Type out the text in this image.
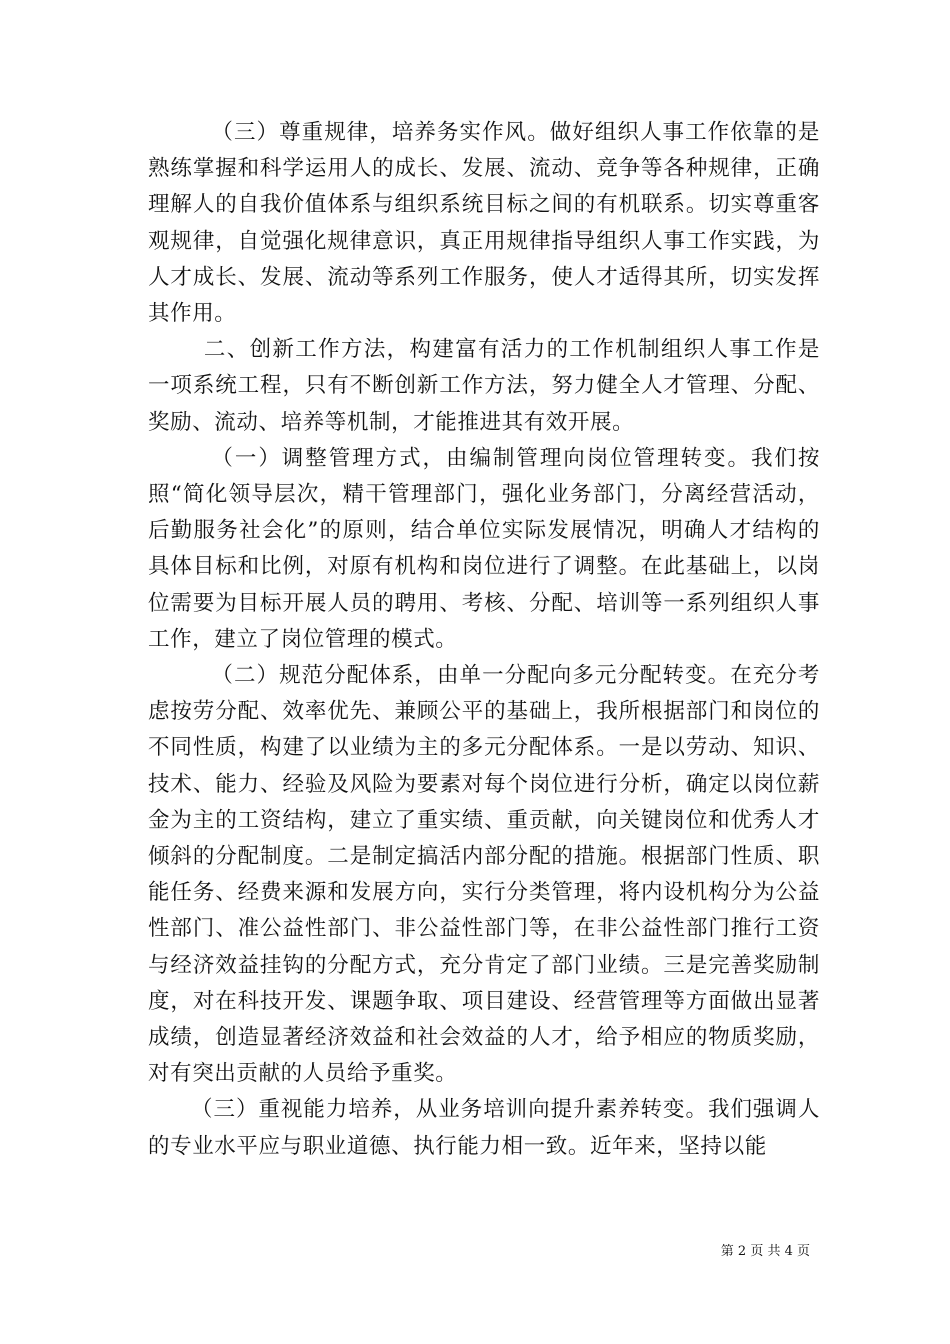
（三）尊重规律，培养务实作风。做好组织人事工作依靠的是熟练掌握和科学运用人的成长、发展、流动、竞争等各种规律，正确理解人的自我价值体系与组织系统目标之间的有机联系。切实尊重客观规律，自觉强化规律意识，真正用规律指导组织人事工作实践，为人才成长、发展、流动等系列工作服务，使人才适得其所，切实发挥其作用。

二、创新工作方法，构建富有活力的工作机制组织人事工作是一项系统工程，只有不断创新工作方法，努力健全人才管理、分配、奖励、流动、培养等机制，才能推进其有效开展。

（一）调整管理方式，由编制管理向岗位管理转变。我们按照“简化领导层次，精干管理部门，强化业务部门，分离经营活动，后勤服务社会化”的原则，结合单位实际发展情况，明确人才结构的具体目标和比例，对原有机构和岗位进行了调整。在此基础上，以岗位需要为目标开展人员的聘用、考核、分配、培训等一系列组织人事工作，建立了岗位管理的模式。

（二）规范分配体系，由单一分配向多元分配转变。在充分考虑按劳分配、效率优先、兼顾公平的基础上，我所根据部门和岗位的不同性质，构建了以业绩为主的多元分配体系。一是以劳动、知识、技术、能力、经验及风险为要素对每个岗位进行分析，确定以岗位薪金为主的工资结构，建立了重实绩、重贡献，向关键岗位和优秀人才倾斜的分配制度。二是制定搞活内部分配的措施。根据部门性质、职能任务、经费来源和发展方向，实行分类管理，将内设机构分为公益性部门、准公益性部门、非公益性部门等，在非公益性部门推行工资与经济效益挂钩的分配方式，充分肯定了部门业绩。三是完善奖励制度，对在科技开发、课题争取、项目建设、经营管理等方面做出显著成绩，创造显著经济效益和社会效益的人才，给予相应的物质奖励，对有突出贡献的人员给予重奖。

（三）重视能力培养，从业务培训向提升素养转变。我们强调人的专业水平应与职业道德、执行能力相一致。近年来，坚持以能

第 2 页 共 4 页
